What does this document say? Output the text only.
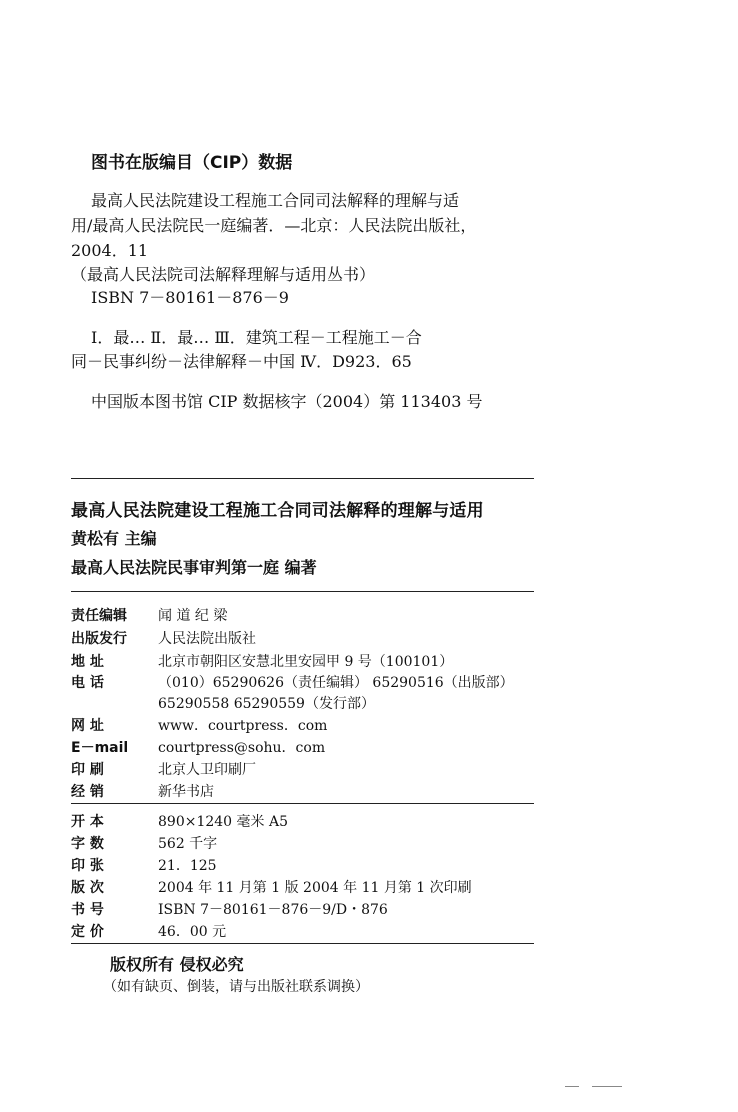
图书在版编目（CIP）数据
最高人民法院建设工程施工合同司法解释的理解与适
用/最高人民法院民一庭编著．—北京：人民法院出版社，
2004．11
（最高人民法院司法解释理解与适用丛书）
ISBN 7－80161－876－9
Ⅰ．最… Ⅱ．最… Ⅲ．建筑工程－工程施工－合
同－民事纠纷－法律解释－中国 Ⅳ．D923．65
中国版本图书馆 CIP 数据核字（2004）第 113403 号
最高人民法院建设工程施工合同司法解释的理解与适用
黄松有 主编
最高人民法院民事审判第一庭 编著
责任编辑	闻 道 纪 梁
出版发行	人民法院出版社
地 址	北京市朝阳区安慧北里安园甲 9 号（100101）
电 话	（010）65290626（责任编辑） 65290516（出版部）
65290558 65290559（发行部）
网 址	www．courtpress．com
E－mail	courtpress@sohu．com
印 刷	北京人卫印刷厂
经 销	新华书店
开 本	890×1240 毫米 A5
字 数	562 千字
印 张	21．125
版 次	2004 年 11 月第 1 版 2004 年 11 月第 1 次印刷
书 号	ISBN 7－80161－876－9/D・876
定 价	46．00 元
版权所有 侵权必究
（如有缺页、倒装，请与出版社联系调换）
